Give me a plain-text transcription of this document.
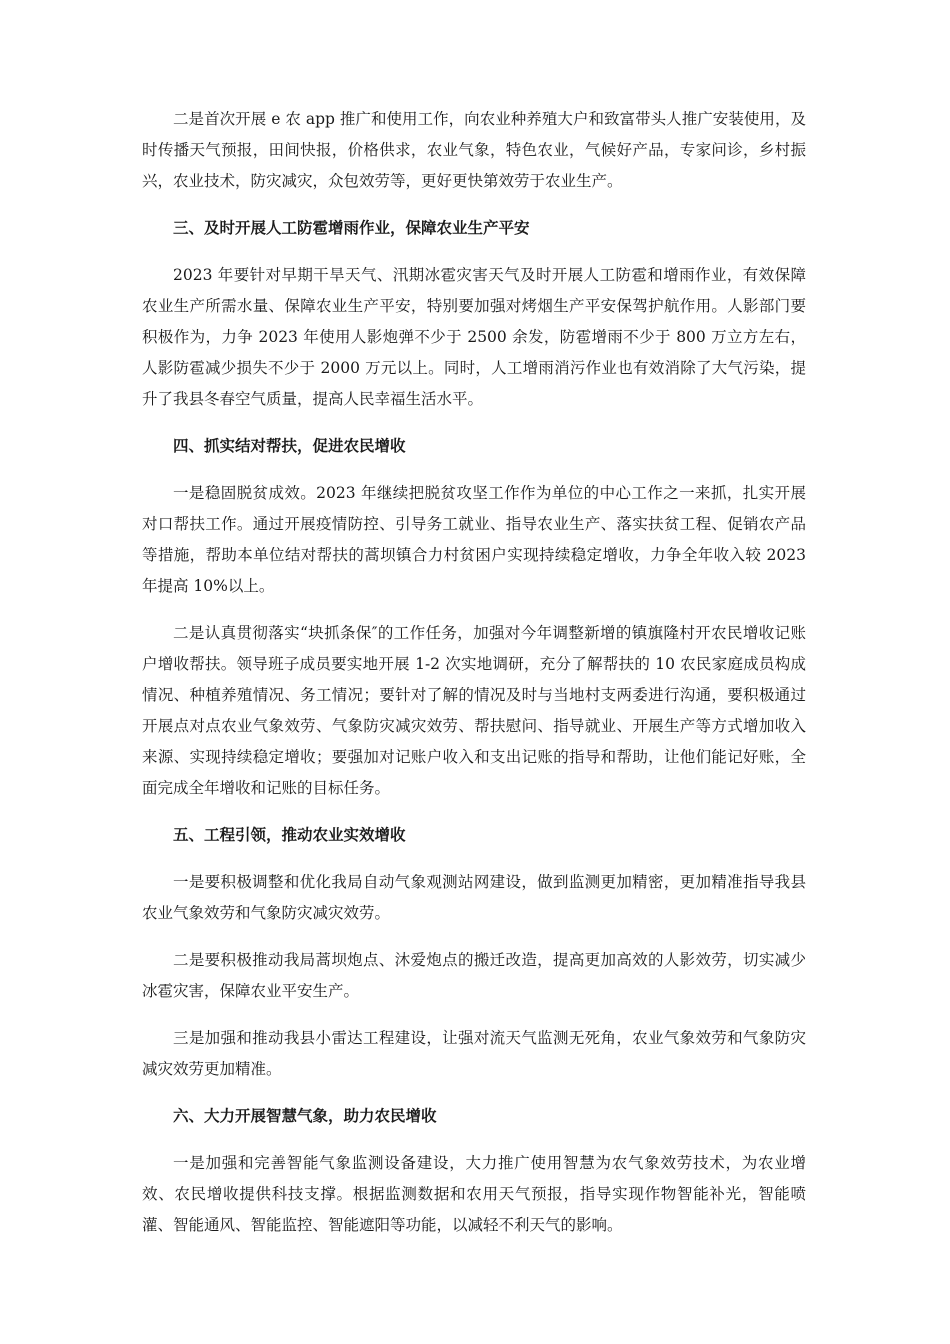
二是首次开展 e 农 app 推广和使用工作，向农业种养殖大户和致富带头人推广安装使用，及时传播天气预报，田间快报，价格供求，农业气象，特色农业，气候好产品，专家问诊，乡村振兴，农业技术，防灾减灾，众包效劳等，更好更快第效劳于农业生产。

三、及时开展人工防雹增雨作业，保障农业生产平安

2023 年要针对早期干旱天气、汛期冰雹灾害天气及时开展人工防雹和增雨作业，有效保障农业生产所需水量、保障农业生产平安，特别要加强对烤烟生产平安保驾护航作用。人影部门要积极作为，力争 2023 年使用人影炮弹不少于 2500 余发，防雹增雨不少于 800 万立方左右，人影防雹减少损失不少于 2000 万元以上。同时，人工增雨消污作业也有效消除了大气污染，提升了我县冬春空气质量，提高人民幸福生活水平。

四、抓实结对帮扶，促进农民增收

一是稳固脱贫成效。2023 年继续把脱贫攻坚工作作为单位的中心工作之一来抓，扎实开展对口帮扶工作。通过开展疫情防控、引导务工就业、指导农业生产、落实扶贫工程、促销农产品等措施，帮助本单位结对帮扶的蒿坝镇合力村贫困户实现持续稳定增收，力争全年收入较 2023 年提高 10%以上。

二是认真贯彻落实“块抓条保″的工作任务，加强对今年调整新增的镇旗隆村开农民增收记账户增收帮扶。领导班子成员要实地开展 1-2 次实地调研，充分了解帮扶的 10 农民家庭成员构成情况、种植养殖情况、务工情况；要针对了解的情况及时与当地村支两委进行沟通，要积极通过开展点对点农业气象效劳、气象防灾减灾效劳、帮扶慰问、指导就业、开展生产等方式增加收入来源、实现持续稳定增收；要强加对记账户收入和支出记账的指导和帮助，让他们能记好账，全面完成全年增收和记账的目标任务。

五、工程引领，推动农业实效增收

一是要积极调整和优化我局自动气象观测站网建设，做到监测更加精密，更加精准指导我县农业气象效劳和气象防灾减灾效劳。

二是要积极推动我局蒿坝炮点、沐爱炮点的搬迁改造，提高更加高效的人影效劳，切实减少冰雹灾害，保障农业平安生产。

三是加强和推动我县小雷达工程建设，让强对流天气监测无死角，农业气象效劳和气象防灾减灾效劳更加精准。

六、大力开展智慧气象，助力农民增收

一是加强和完善智能气象监测设备建设，大力推广使用智慧为农气象效劳技术，为农业增效、农民增收提供科技支撑。根据监测数据和农用天气预报，指导实现作物智能补光，智能喷灌、智能通风、智能监控、智能遮阳等功能，以减轻不利天气的影响。
